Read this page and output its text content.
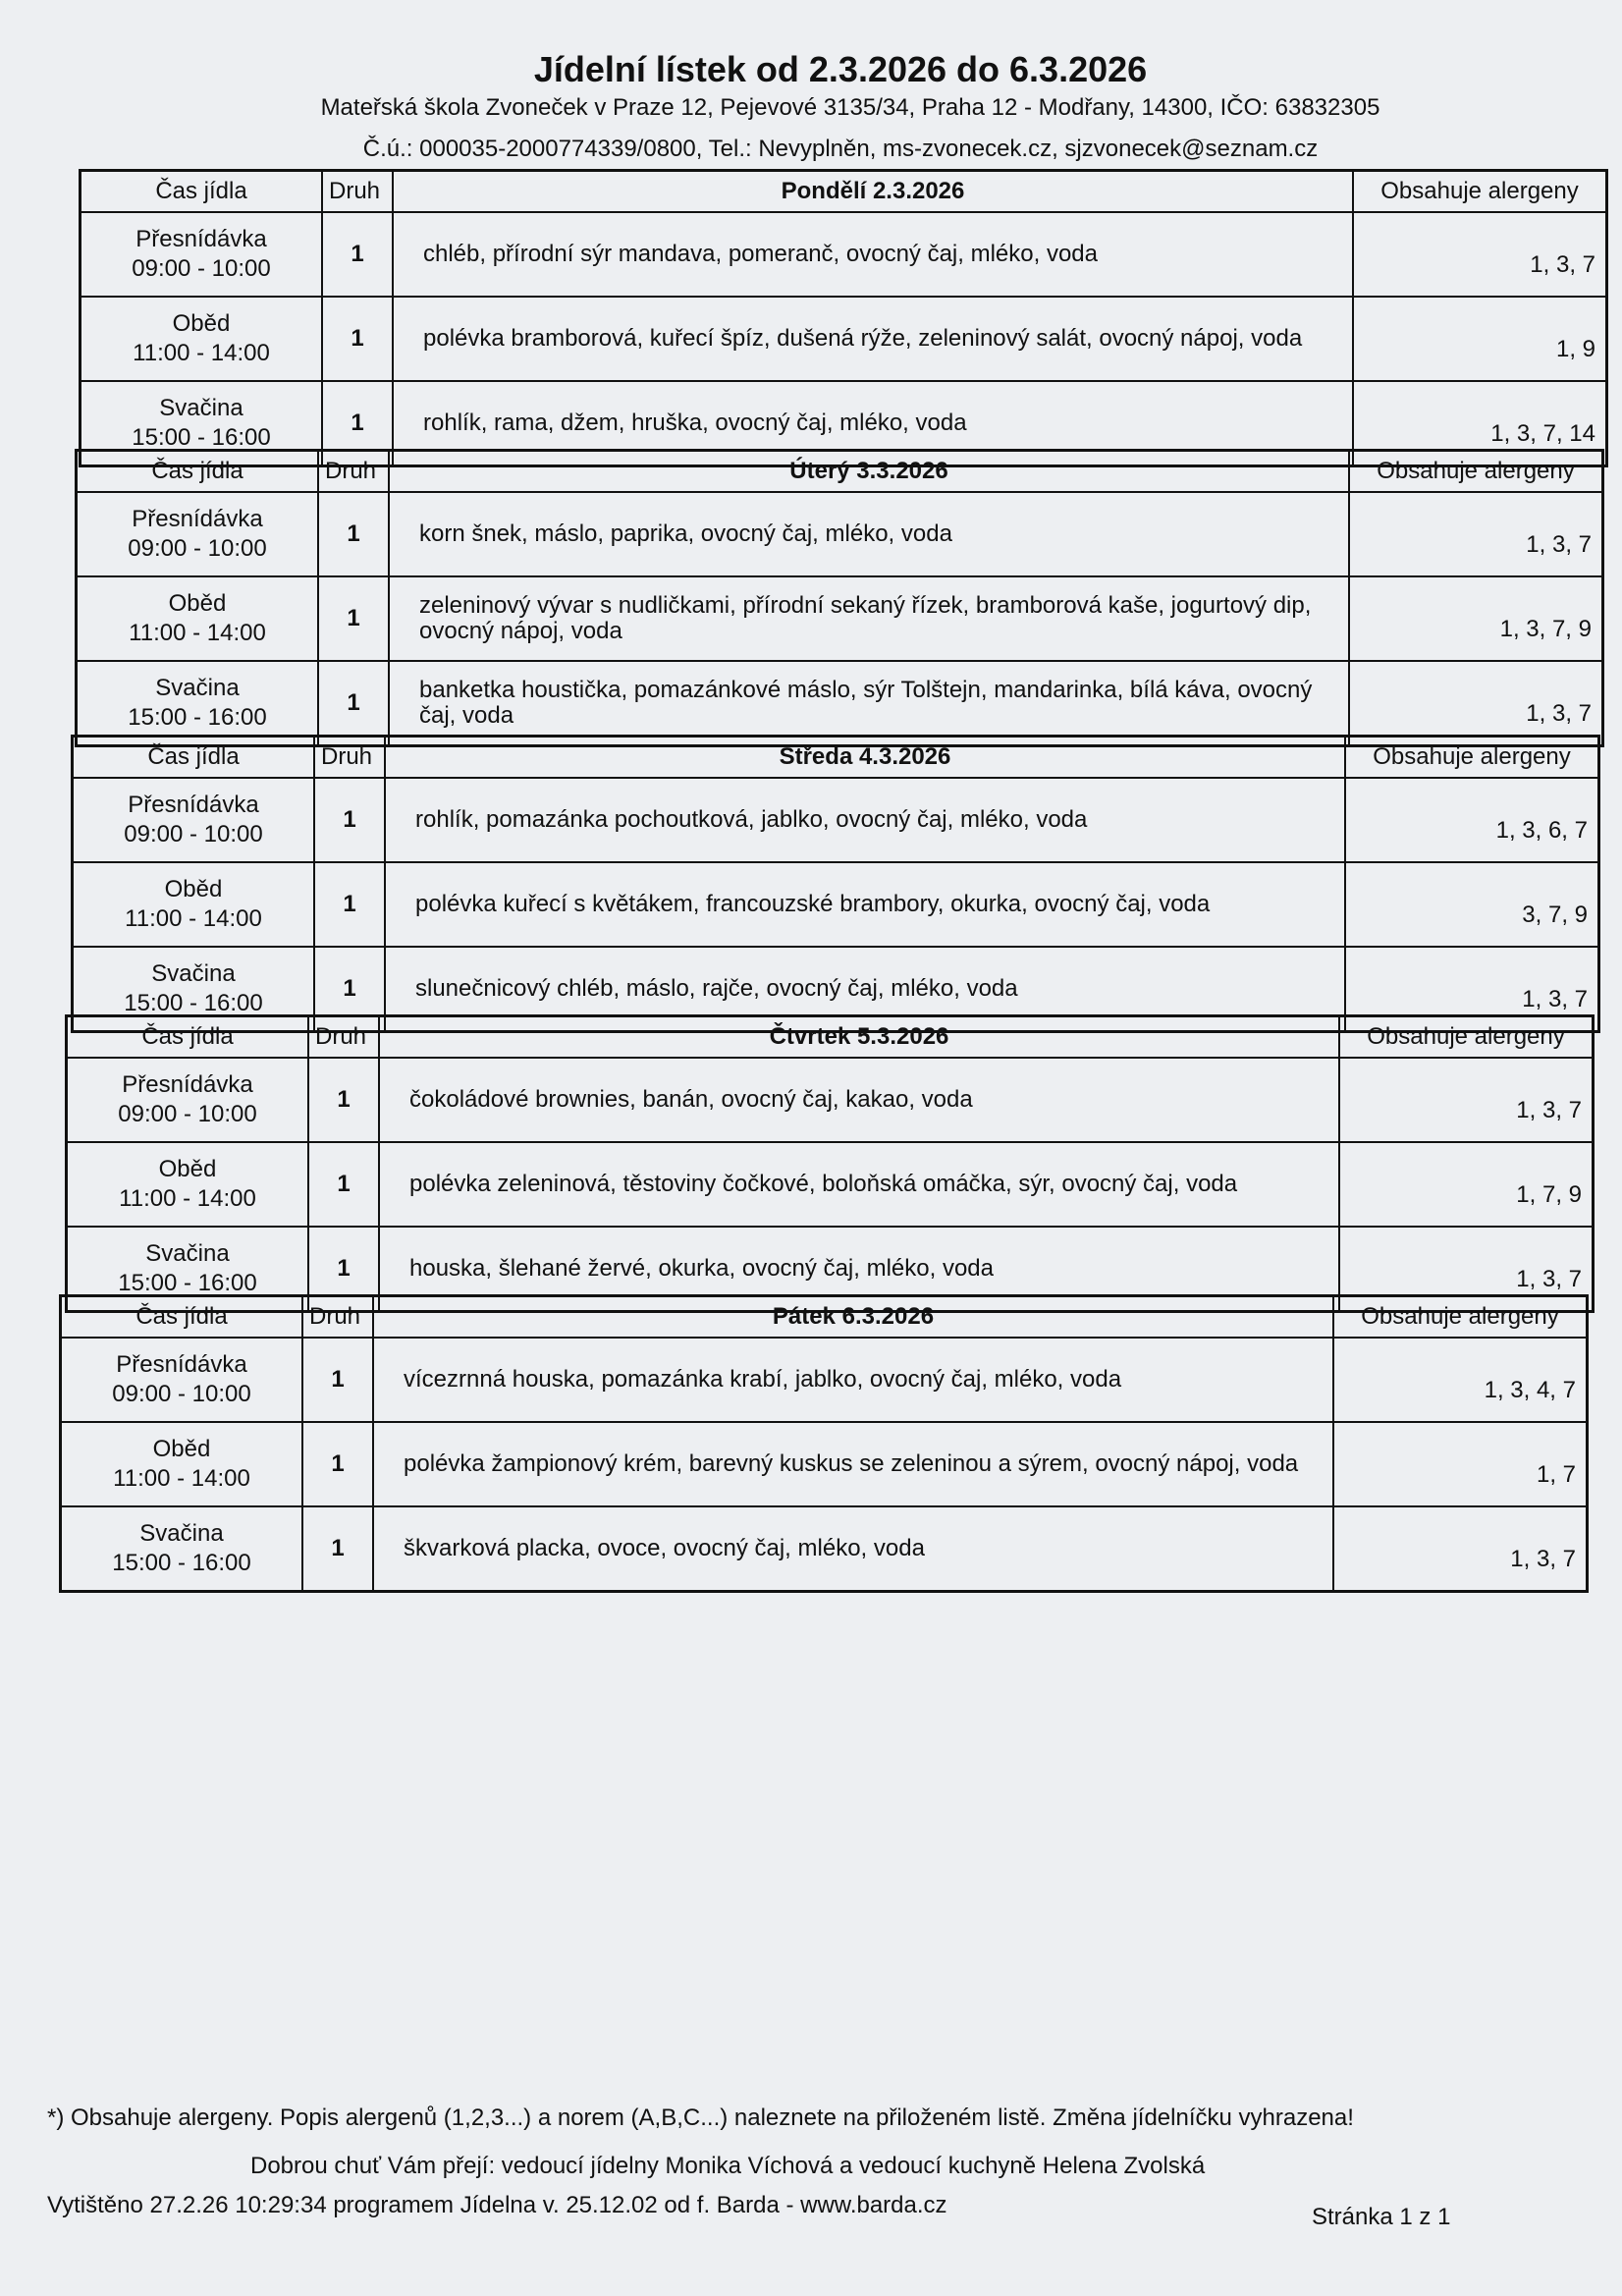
Jídelní lístek od 2.3.2026 do 6.3.2026
Mateřská škola Zvoneček v Praze 12, Pejevové 3135/34, Praha 12 - Modřany, 14300, IČO: 63832305
Č.ú.: 000035-2000774339/0800, Tel.: Nevyplněn, ms-zvonecek.cz, sjzvonecek@seznam.cz
Čas jídla	Druh	Pondělí 2.3.2026	Obsahuje alergeny

Přesnídávka
09:00 - 10:00	1	chléb, přírodní sýr mandava, pomeranč, ovocný čaj, mléko, voda	1, 3, 7

Oběd
11:00 - 14:00	1	polévka bramborová, kuřecí špíz, dušená rýže, zeleninový salát, ovocný nápoj, voda	1, 9

Svačina
15:00 - 16:00	1	rohlík, rama, džem, hruška, ovocný čaj, mléko, voda	1, 3, 7, 14
Čas jídla	Druh	Úterý 3.3.2026	Obsahuje alergeny

Přesnídávka
09:00 - 10:00	1	korn šnek, máslo, paprika, ovocný čaj, mléko, voda	1, 3, 7

Oběd
11:00 - 14:00	1	zeleninový vývar s nudličkami, přírodní sekaný řízek, bramborová kaše, jogurtový dip, ovocný nápoj, voda	1, 3, 7, 9

Svačina
15:00 - 16:00	1	banketka houstička, pomazánkové máslo, sýr Tolštejn, mandarinka, bílá káva, ovocný čaj, voda	1, 3, 7
Čas jídla	Druh	Středa 4.3.2026	Obsahuje alergeny

Přesnídávka
09:00 - 10:00	1	rohlík, pomazánka pochoutková, jablko, ovocný čaj, mléko, voda	1, 3, 6, 7

Oběd
11:00 - 14:00	1	polévka kuřecí s květákem, francouzské brambory, okurka, ovocný čaj, voda	3, 7, 9

Svačina
15:00 - 16:00	1	slunečnicový chléb, máslo, rajče, ovocný čaj, mléko, voda	1, 3, 7
Čas jídla	Druh	Čtvrtek 5.3.2026	Obsahuje alergeny

Přesnídávka
09:00 - 10:00	1	čokoládové brownies, banán, ovocný čaj, kakao, voda	1, 3, 7

Oběd
11:00 - 14:00	1	polévka zeleninová, těstoviny čočkové, boloňská omáčka, sýr, ovocný čaj, voda	1, 7, 9

Svačina
15:00 - 16:00	1	houska, šlehané žervé, okurka, ovocný čaj, mléko, voda	1, 3, 7
Čas jídla	Druh	Pátek 6.3.2026	Obsahuje alergeny

Přesnídávka
09:00 - 10:00	1	vícezrnná houska, pomazánka krabí, jablko, ovocný čaj, mléko, voda	1, 3, 4, 7

Oběd
11:00 - 14:00	1	polévka žampionový krém, barevný kuskus se zeleninou a sýrem, ovocný nápoj, voda	1, 7

Svačina
15:00 - 16:00	1	škvarková placka, ovoce, ovocný čaj, mléko, voda	1, 3, 7
*) Obsahuje alergeny. Popis alergenů (1,2,3...) a norem (A,B,C...) naleznete na přiloženém listě. Změna jídelníčku vyhrazena!
Dobrou chuť Vám přejí: vedoucí jídelny Monika Víchová a vedoucí kuchyně Helena Zvolská
Vytištěno 27.2.26 10:29:34 programem Jídelna v. 25.12.02 od f. Barda - www.barda.cz	Stránka 1 z 1
